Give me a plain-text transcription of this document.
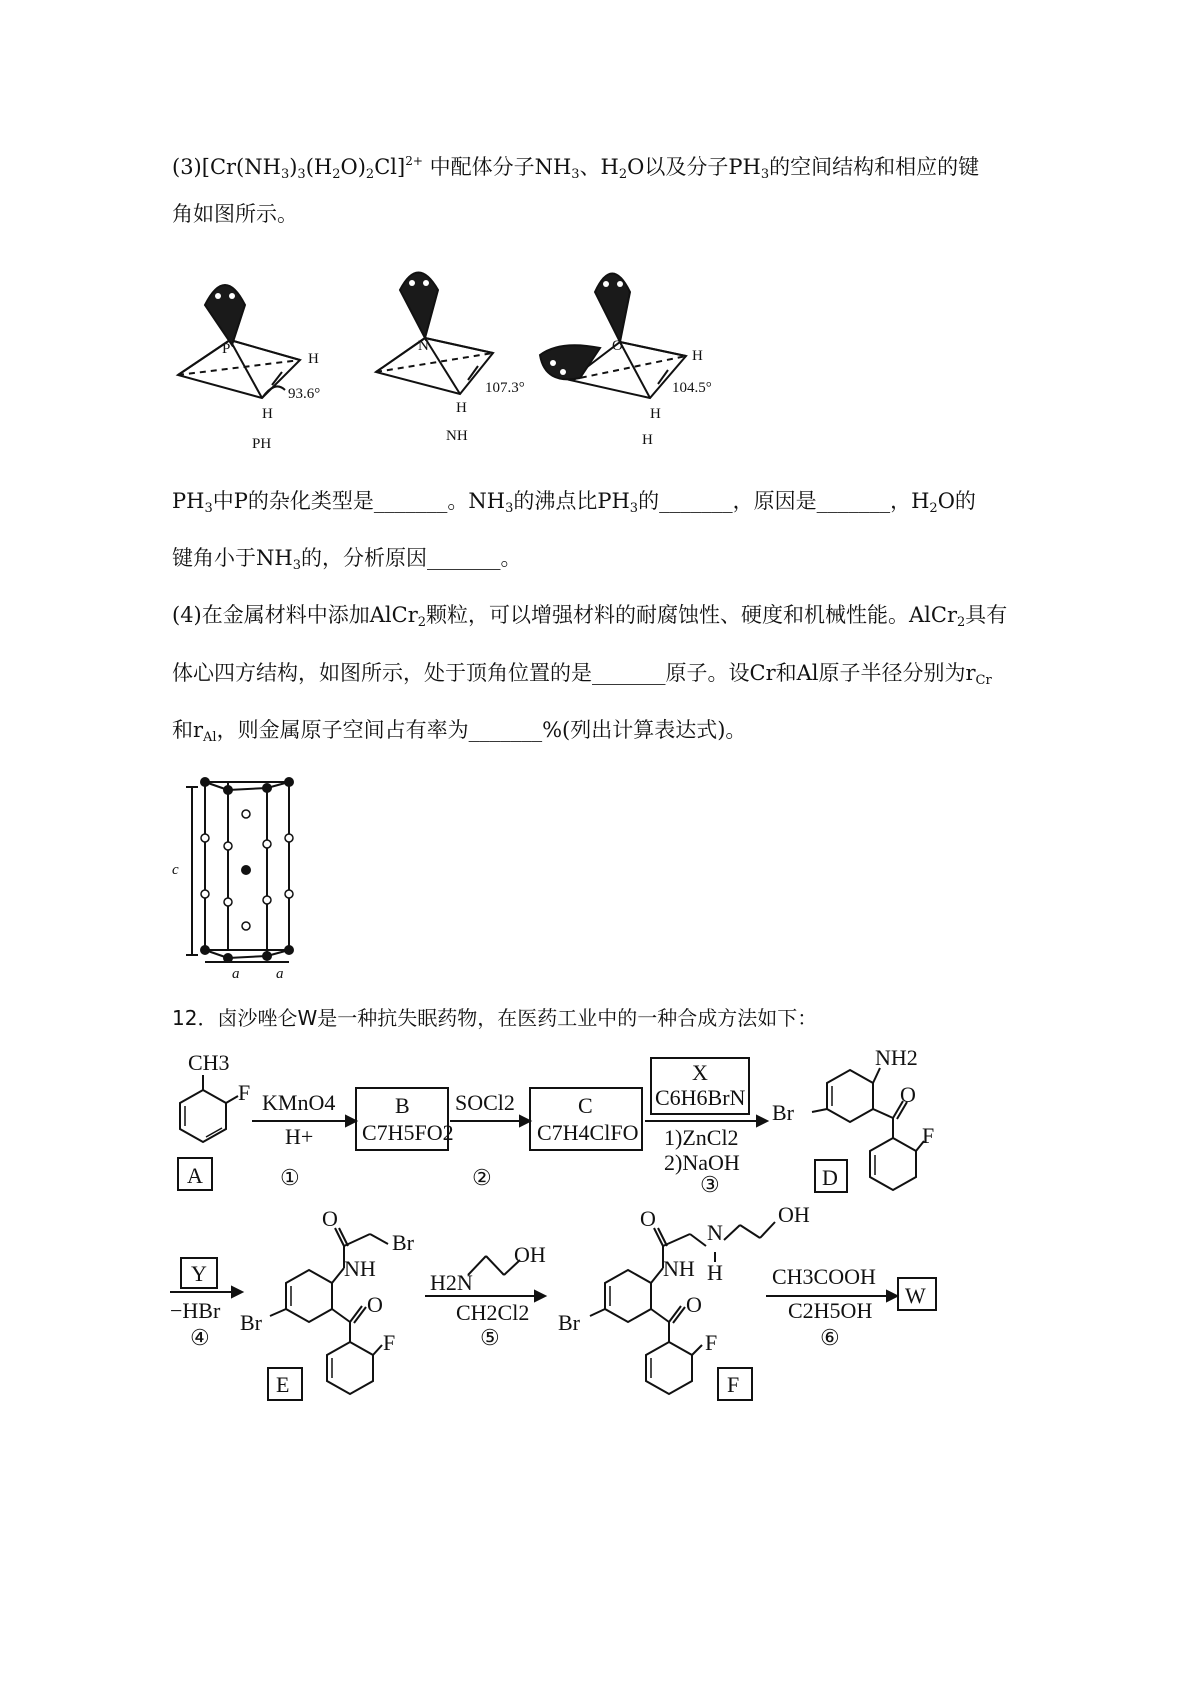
$(3)[Cr(NH_3)_3(H_2O)_2Cl]^{2+}$ 中配体分子$NH_3$、$H_2O$以及分子$PH_3$的空间结构和相应的键
角如图所示。
P
H
H
93.6°
PH
N
H
107.3°
NH
O
H
H
104.5°
H
$PH_3$中P的杂化类型是_______。$NH_3$的沸点比$PH_3$的_______，原因是_______，$H_2O$的
键角小于$NH_3$的，分析原因_______。
(4)在金属材料中添加AlCr$_2$颗粒，可以增强材料的耐腐蚀性、硬度和机械性能。AlCr$_2$具有
体心四方结构，如图所示，处于顶角位置的是_______原子。设Cr和Al原子半径分别为$r_{Cr}$
和$r_{Al}$，则金属原子空间占有率为_______%(列出计算表达式)。
c
a a
12．卤沙唑仑W是一种抗失眠药物，在医药工业中的一种合成方法如下：
CH3
F
A
KMnO4
H+
①
B
C7H5FO2
SOCl2
②
C
C7H4ClFO
X
C6H6BrN
1)ZnCl2
2)NaOH
③
NH2
O
Br
F
D
Y
−HBr
④
O
Br
NH
O
Br
F
E
OH
H2N
CH2Cl2
⑤
O
N
OH
NH H
O
Br
F
F
CH3COOH
C2H5OH
⑥
W
